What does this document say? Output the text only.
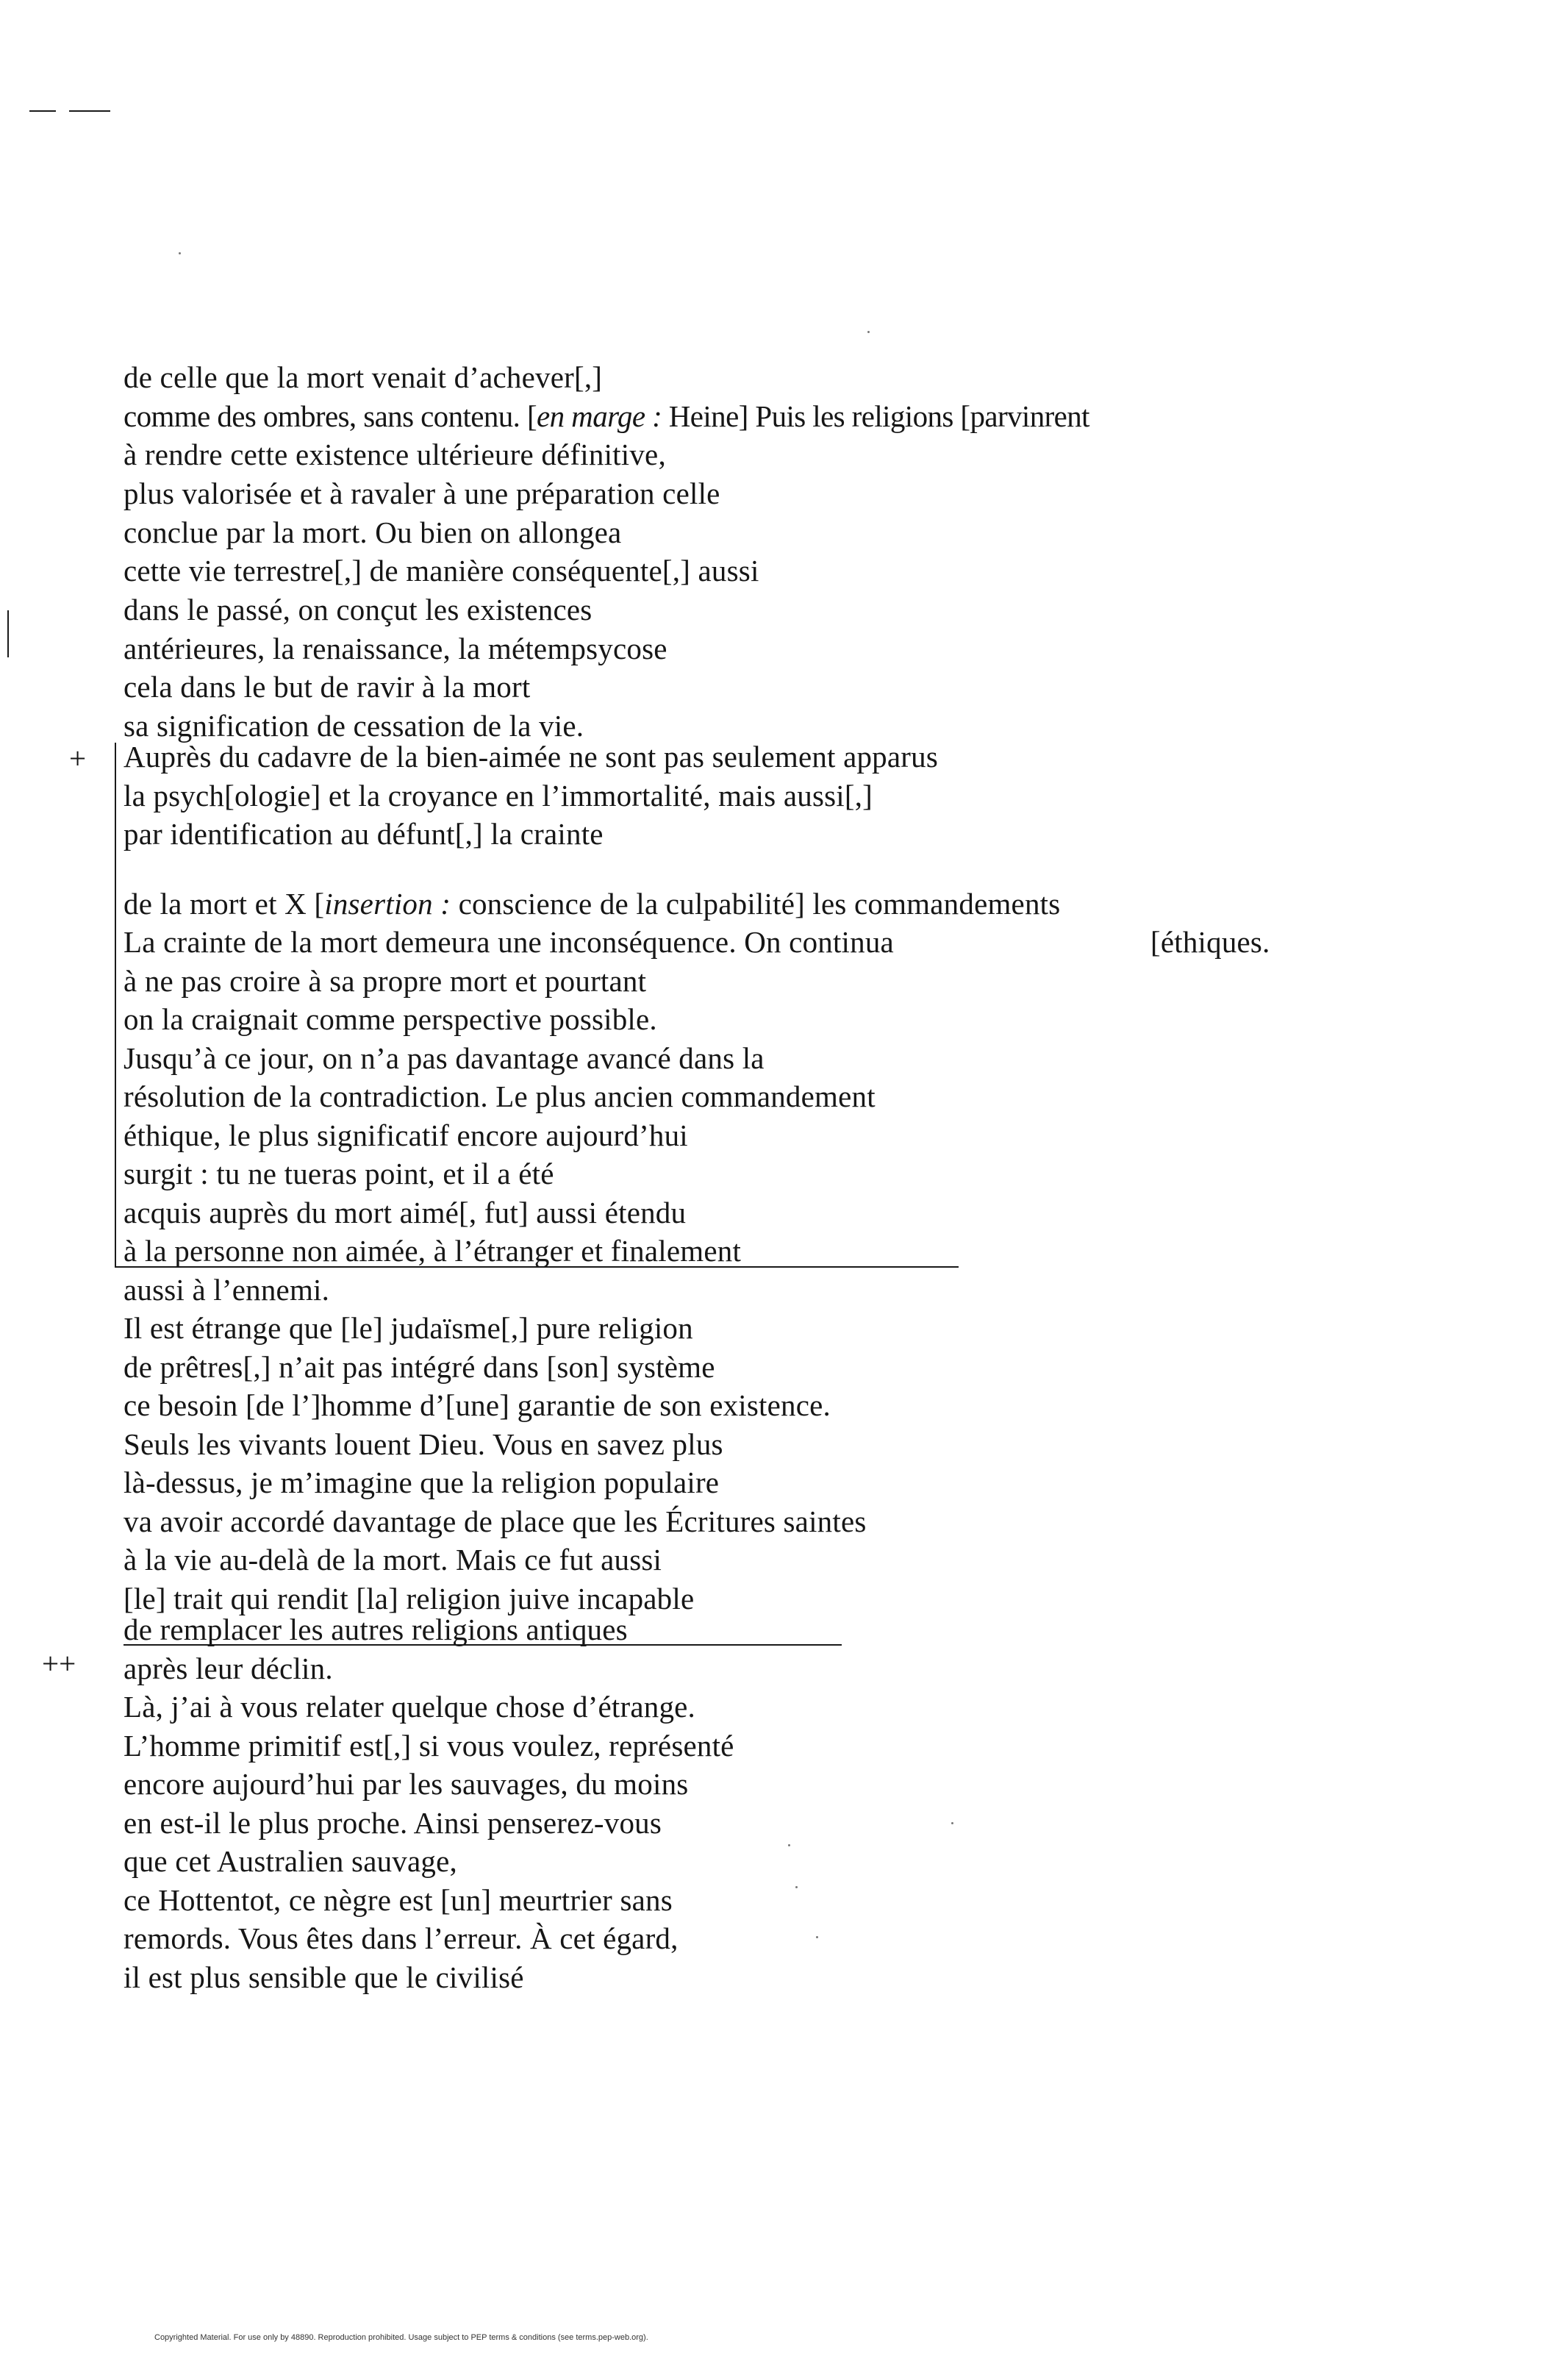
+
++
de celle que la mort venait d’achever[,]
comme des ombres, sans contenu. [en marge : Heine] Puis les religions [parvinrent
à rendre cette existence ultérieure définitive,
plus valorisée et à ravaler à une préparation celle
conclue par la mort. Ou bien on allongea
cette vie terrestre[,] de manière conséquente[,] aussi
dans le passé, on conçut les existences
antérieures, la renaissance, la métempsycose
cela dans le but de ravir à la mort
sa signification de cessation de la vie.
Auprès du cadavre de la bien-aimée ne sont pas seulement apparus
la psych[ologie] et la croyance en l’immortalité, mais aussi[,]
par identification au défunt[,] la crainte
de la mort et X [insertion : conscience de la culpabilité] les commandements
La crainte de la mort demeura une inconséquence. On continua	[éthiques.
à ne pas croire à sa propre mort et pourtant
on la craignait comme perspective possible.
Jusqu’à ce jour, on n’a pas davantage avancé dans la
résolution de la contradiction. Le plus ancien commandement
éthique, le plus significatif encore aujourd’hui
surgit : tu ne tueras point, et il a été
acquis auprès du mort aimé[, fut] aussi étendu
à la personne non aimée, à l’étranger et finalement
aussi à l’ennemi.
Il est étrange que [le] judaïsme[,] pure religion
de prêtres[,] n’ait pas intégré dans [son] système
ce besoin [de l’]homme d’[une] garantie de son existence.
Seuls les vivants louent Dieu. Vous en savez plus
là-dessus, je m’imagine que la religion populaire
va avoir accordé davantage de place que les Écritures saintes
à la vie au-delà de la mort. Mais ce fut aussi
[le] trait qui rendit [la] religion juive incapable
de remplacer les autres religions antiques
après leur déclin.
Là, j’ai à vous relater quelque chose d’étrange.
L’homme primitif est[,] si vous voulez, représenté
encore aujourd’hui par les sauvages, du moins
en est-il le plus proche. Ainsi penserez-vous
que cet Australien sauvage,
ce Hottentot, ce nègre est [un] meurtrier sans
remords. Vous êtes dans l’erreur. À cet égard,
il est plus sensible que le civilisé
Copyrighted Material. For use only by 48890. Reproduction prohibited. Usage subject to PEP terms & conditions (see terms.pep-web.org).
